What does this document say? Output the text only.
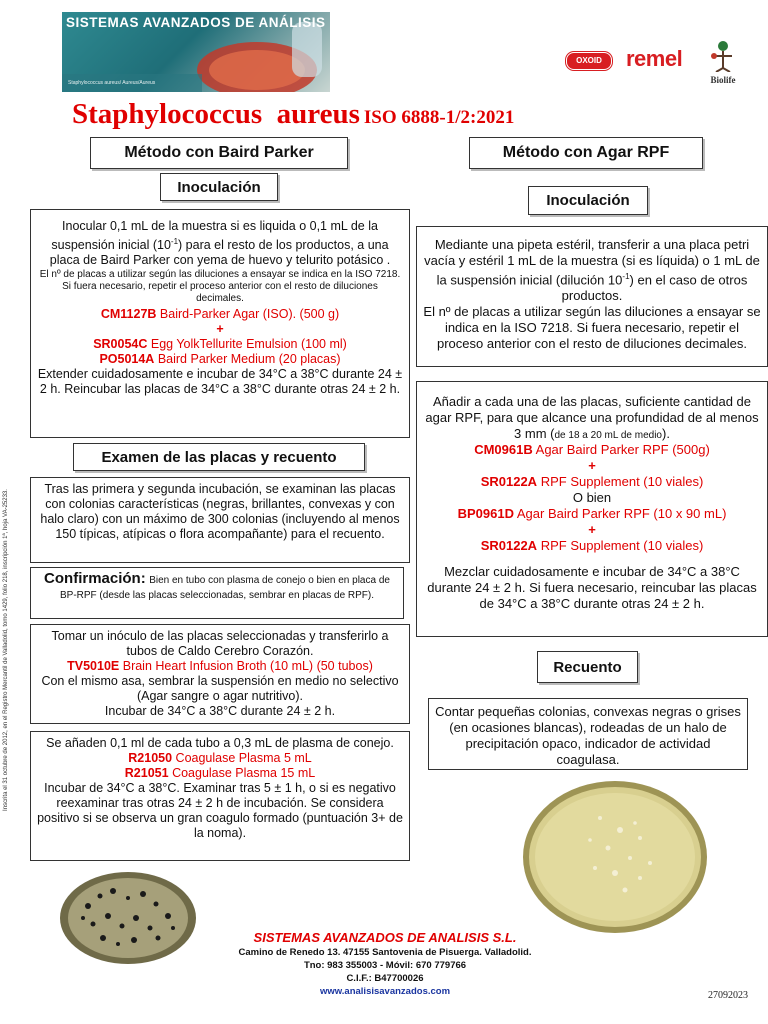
SISTEMAS AVANZADOS DE ANÁLISIS
Staphylococcus aureus/ Aureus/Aureus
OXOID	remel
Biolife
Staphylococcus  aureus ISO 6888-1/2:2021
Inscrita el 31 octubre de 2012, en el Registro Mercantil de Valladolid, tomo 1429, folio 218, inscripción 1ª, hoja VA-25233.
Método con Baird Parker
Inoculación
Inocular 0,1 mL de la muestra si es liquida o 0,1 mL de la suspensión inicial $(10^{-1})$ para el resto de los productos, a una placa de Baird Parker con yema de huevo y telurito potásico .
El nº de placas a utilizar según las diluciones a ensayar se indica en la ISO 7218. Si fuera necesario, repetir el proceso anterior con el resto de diluciones decimales.
CM1127B Baird-Parker Agar (ISO). (500 g)
+
SR0054C Egg YolkTellurite Emulsion (100 ml)
PO5014A Baird Parker Medium (20 placas)
Extender cuidadosamente e incubar de 34°C a 38°C durante 24 ± 2 h. Reincubar las placas de 34°C a 38°C durante otras 24 ± 2 h.
Examen de las placas y recuento
Tras las primera y segunda incubación, se examinan las placas con colonias características (negras, brillantes, convexas y con halo claro) con un máximo de 300 colonias (incluyendo al menos 150 típicas, atípicas o flora acompañante) para el recuento.
Confirmación: Bien en tubo con plasma de conejo o bien en placa de BP-RPF (desde las placas seleccionadas, sembrar en placas de RPF).
Tomar un inóculo de las placas seleccionadas y transferirlo a tubos de Caldo Cerebro Corazón.
TV5010E Brain Heart Infusion Broth (10 mL) (50 tubos)
Con el mismo asa, sembrar la suspensión en medio no selectivo (Agar sangre o agar nutritivo).
Incubar de 34°C a 38°C durante 24 ± 2 h.
Se añaden 0,1 ml de cada tubo a 0,3 mL de plasma de conejo.
R21050 Coagulase Plasma 5 mL
R21051 Coagulase Plasma 15 mL
Incubar de 34°C a 38°C. Examinar tras 5 ± 1 h, o si es negativo reexaminar tras otras 24 ± 2 h de incubación. Se considera positivo si se observa un gran coagulo formado (puntuación 3+ de la noma).
Método con Agar RPF
Inoculación
Mediante una pipeta estéril, transferir a una placa petri vacía y estéril 1 mL de la muestra (si es líquida) o 1 mL de la suspensión inicial (dilución $10^{-1}$) en el caso de otros productos.
El nº de placas a utilizar según las diluciones a ensayar se indica en la ISO 7218. Si fuera necesario, repetir el proceso anterior con el resto de diluciones decimales.
Añadir a cada una de las placas, suficiente cantidad de agar RPF, para que alcance una profundidad de al menos 3 mm (de 18 a 20 mL de medio).
CM0961B Agar Baird Parker RPF (500g)
+
SR0122A RPF Supplement (10 viales)
O bien
BP0961D Agar Baird Parker RPF (10 x 90 mL)
+
SR0122A RPF Supplement (10 viales)
Mezclar cuidadosamente e incubar de 34°C a 38°C durante 24 ± 2 h. Si fuera necesario, reincubar las placas de 34°C a 38°C durante otras 24 ± 2 h.
Recuento
Contar pequeñas colonias, convexas negras o grises (en ocasiones blancas), rodeadas de un halo de precipitación opaco, indicador de actividad coagulasa.
SISTEMAS AVANZADOS DE ANALISIS S.L.
Camino de Renedo 13. 47155 Santovenia de Pisuerga. Valladolid.
Tno: 983 355003 - Móvil: 670 779766
C.I.F.: B47700026
www.analisisavanzados.com	27092023
